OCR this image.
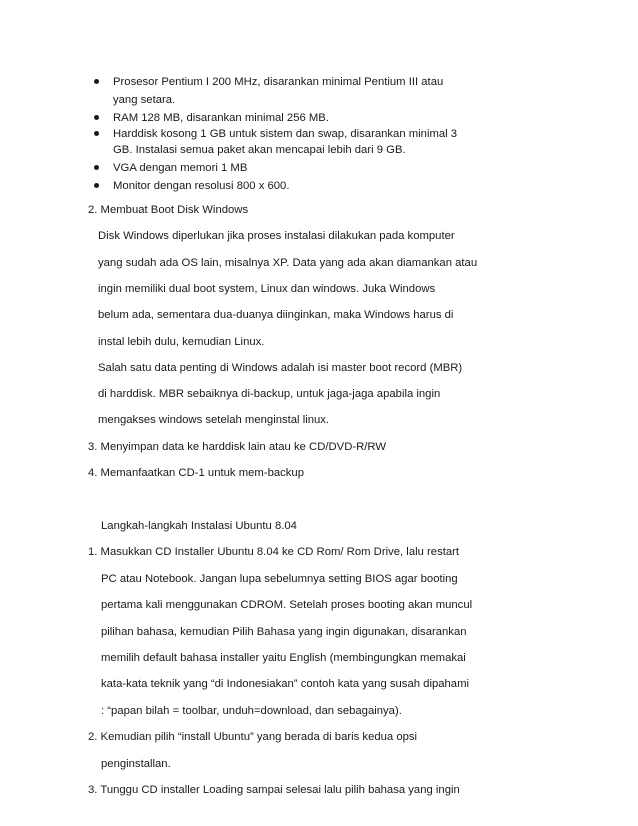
Prosesor Pentium I 200 MHz, disarankan minimal Pentium III atau
yang setara.
RAM 128 MB, disarankan minimal 256 MB.
Harddisk kosong 1 GB untuk sistem dan swap, disarankan minimal 3
GB. Instalasi semua paket akan mencapai lebih dari 9 GB.
VGA dengan memori 1 MB
Monitor dengan resolusi 800 x 600.
2. Membuat Boot Disk Windows
Disk Windows diperlukan jika proses instalasi dilakukan pada komputer
yang sudah ada OS lain, misalnya XP. Data yang ada akan diamankan atau
ingin memiliki dual boot system, Linux dan windows. Juka Windows
belum ada, sementara dua-duanya diinginkan, maka Windows harus di
instal lebih dulu, kemudian Linux.
Salah satu data penting di Windows adalah isi master boot record (MBR)
di harddisk. MBR sebaiknya di-backup, untuk jaga-jaga apabila ingin
mengakses windows setelah menginstal linux.
3. Menyimpan data ke harddisk lain atau ke CD/DVD-R/RW
4. Memanfaatkan CD-1 untuk mem-backup
Langkah-langkah Instalasi Ubuntu 8.04
1. Masukkan CD Installer Ubuntu 8.04 ke CD Rom/ Rom Drive, lalu restart
PC atau Notebook. Jangan lupa sebelumnya setting BIOS agar booting
pertama kali menggunakan CDROM. Setelah proses booting akan muncul
pilihan bahasa, kemudian Pilih Bahasa yang ingin digunakan, disarankan
memilih default bahasa installer yaitu English (membingungkan memakai
kata-kata teknik yang “di Indonesiakan” contoh kata yang susah dipahami
: “papan bilah = toolbar, unduh=download, dan sebagainya).
2. Kemudian pilih “install Ubuntu” yang berada di baris kedua opsi
penginstallan.
3. Tunggu CD installer Loading sampai selesai lalu pilih bahasa yang ingin
